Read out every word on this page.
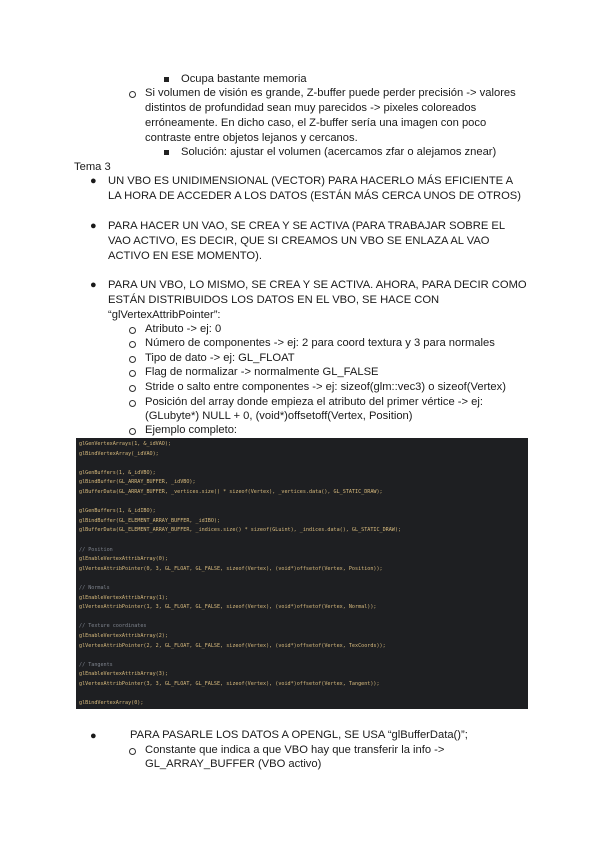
Ocupa bastante memoria
Si volumen de visión es grande, Z-buffer puede perder precisión -> valores
distintos de profundidad sean muy parecidos -> pixeles coloreados
erróneamente. En dicho caso, el Z-buffer sería una imagen con poco
contraste entre objetos lejanos y cercanos.
Solución: ajustar el volumen (acercamos zfar o alejamos znear)
Tema 3
● UN VBO ES UNIDIMENSIONAL (VECTOR) PARA HACERLO MÁS EFICIENTE A
LA HORA DE ACCEDER A LOS DATOS (ESTÁN MÁS CERCA UNOS DE OTROS)
● PARA HACER UN VAO, SE CREA Y SE ACTIVA (PARA TRABAJAR SOBRE EL
VAO ACTIVO, ES DECIR, QUE SI CREAMOS UN VBO SE ENLAZA AL VAO
ACTIVO EN ESE MOMENTO).
● PARA UN VBO, LO MISMO, SE CREA Y SE ACTIVA. AHORA, PARA DECIR COMO
ESTÁN DISTRIBUIDOS LOS DATOS EN EL VBO, SE HACE CON
“glVertexAttribPointer”:
Atributo -> ej: 0
Número de componentes -> ej: 2 para coord textura y 3 para normales
Tipo de dato -> ej: GL_FLOAT
Flag de normalizar -> normalmente GL_FALSE
Stride o salto entre componentes -> ej: sizeof(glm::vec3) o sizeof(Vertex)
Posición del array donde empieza el atributo del primer vértice -> ej:
(GLubyte*) NULL + 0, (void*)offsetoff(Vertex, Position)
Ejemplo completo:
glGenVertexArrays(1, &_idVAO);
glBindVertexArray(_idVAO);
glGenBuffers(1, &_idVBO);
glBindBuffer(GL_ARRAY_BUFFER, _idVBO);
glBufferData(GL_ARRAY_BUFFER, _vertices.size() * sizeof(Vertex), _vertices.data(), GL_STATIC_DRAW);
glGenBuffers(1, &_idIBO);
glBindBuffer(GL_ELEMENT_ARRAY_BUFFER, _idIBO);
glBufferData(GL_ELEMENT_ARRAY_BUFFER, _indices.size() * sizeof(GLuint), _indices.data(), GL_STATIC_DRAW);
// Position
glEnableVertexAttribArray(0);
glVertexAttribPointer(0, 3, GL_FLOAT, GL_FALSE, sizeof(Vertex), (void*)offsetof(Vertex, Position));
// Normals
glEnableVertexAttribArray(1);
glVertexAttribPointer(1, 3, GL_FLOAT, GL_FALSE, sizeof(Vertex), (void*)offsetof(Vertex, Normal));
// Texture coordinates
glEnableVertexAttribArray(2);
glVertexAttribPointer(2, 2, GL_FLOAT, GL_FALSE, sizeof(Vertex), (void*)offsetof(Vertex, TexCoords));
// Tangents
glEnableVertexAttribArray(3);
glVertexAttribPointer(3, 3, GL_FLOAT, GL_FALSE, sizeof(Vertex), (void*)offsetof(Vertex, Tangent));
glBindVertexArray(0);
●	PARA PASARLE LOS DATOS A OPENGL, SE USA “glBufferData()”;
Constante que indica a que VBO hay que transferir la info ->
GL_ARRAY_BUFFER (VBO activo)
